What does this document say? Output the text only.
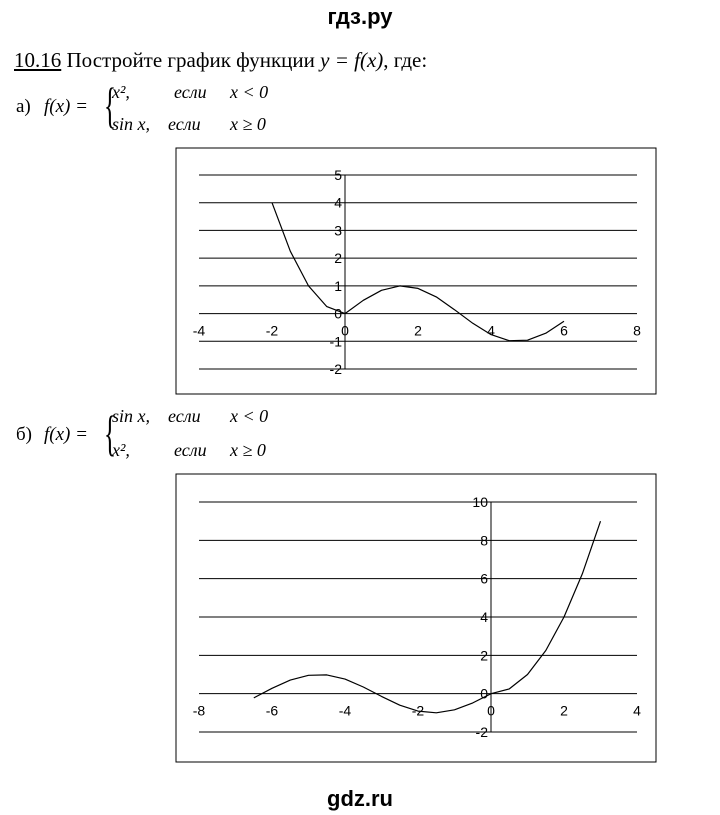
гдз.ру
10.16 Постройте график функции y = f(x), где:
а) f(x) = {
x², если x < 0
sin x, если x ≥ 0
б) f(x) = {
sin x, если x < 0
x², если x ≥ 0
-2
-1
0
1
2
3
4
5
-4	-2	0	2	4	6	8
-2
0
2
4
6
8
10
-8	-6	-4	-2	0	2	4
gdz.ru
